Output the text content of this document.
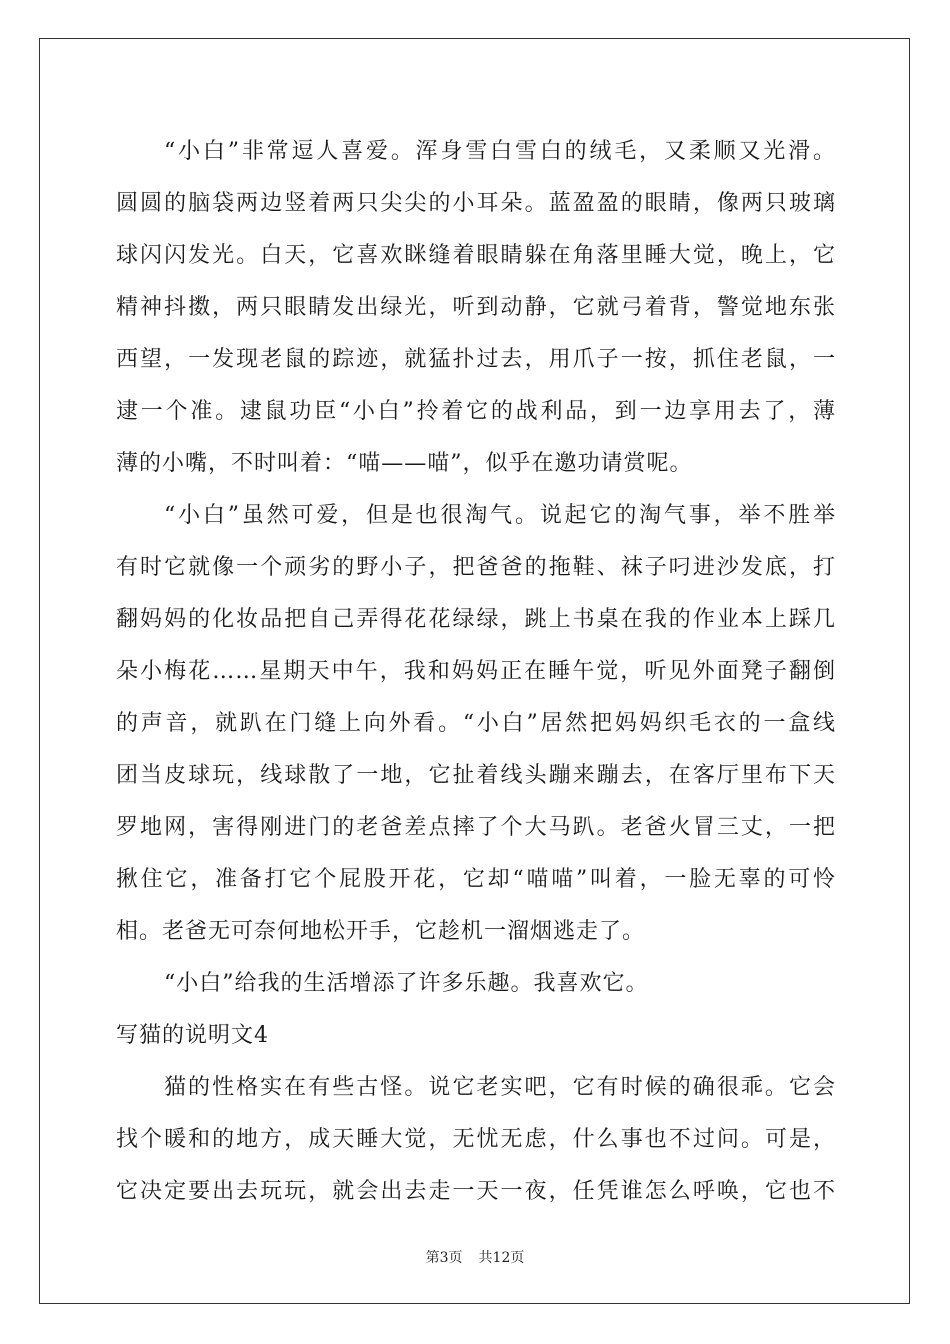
“小白”非常逗人喜爱。浑身雪白雪白的绒毛，又柔顺又光滑。
圆圆的脑袋两边竖着两只尖尖的小耳朵。蓝盈盈的眼睛，像两只玻璃
球闪闪发光。白天，它喜欢眯缝着眼睛躲在角落里睡大觉，晚上，它
精神抖擞，两只眼睛发出绿光，听到动静，它就弓着背，警觉地东张
西望，一发现老鼠的踪迹，就猛扑过去，用爪子一按，抓住老鼠，一
逮一个准。逮鼠功臣“小白”拎着它的战利品，到一边享用去了，薄
薄的小嘴，不时叫着：“喵——喵”，似乎在邀功请赏呢。
“小白”虽然可爱，但是也很淘气。说起它的淘气事，举不胜举
有时它就像一个顽劣的野小子，把爸爸的拖鞋、袜子叼进沙发底，打
翻妈妈的化妆品把自己弄得花花绿绿，跳上书桌在我的作业本上踩几
朵小梅花……星期天中午，我和妈妈正在睡午觉，听见外面凳子翻倒
的声音，就趴在门缝上向外看。“小白”居然把妈妈织毛衣的一盒线
团当皮球玩，线球散了一地，它扯着线头蹦来蹦去，在客厅里布下天
罗地网，害得刚进门的老爸差点摔了个大马趴。老爸火冒三丈，一把
揪住它，准备打它个屁股开花，它却“喵喵”叫着，一脸无辜的可怜
相。老爸无可奈何地松开手，它趁机一溜烟逃走了。
“小白”给我的生活增添了许多乐趣。我喜欢它。
写猫的说明文4
猫的性格实在有些古怪。说它老实吧，它有时候的确很乖。它会
找个暖和的地方，成天睡大觉，无忧无虑，什么事也不过问。可是，
它决定要出去玩玩，就会出去走一天一夜，任凭谁怎么呼唤，它也不
第3页 共12页
